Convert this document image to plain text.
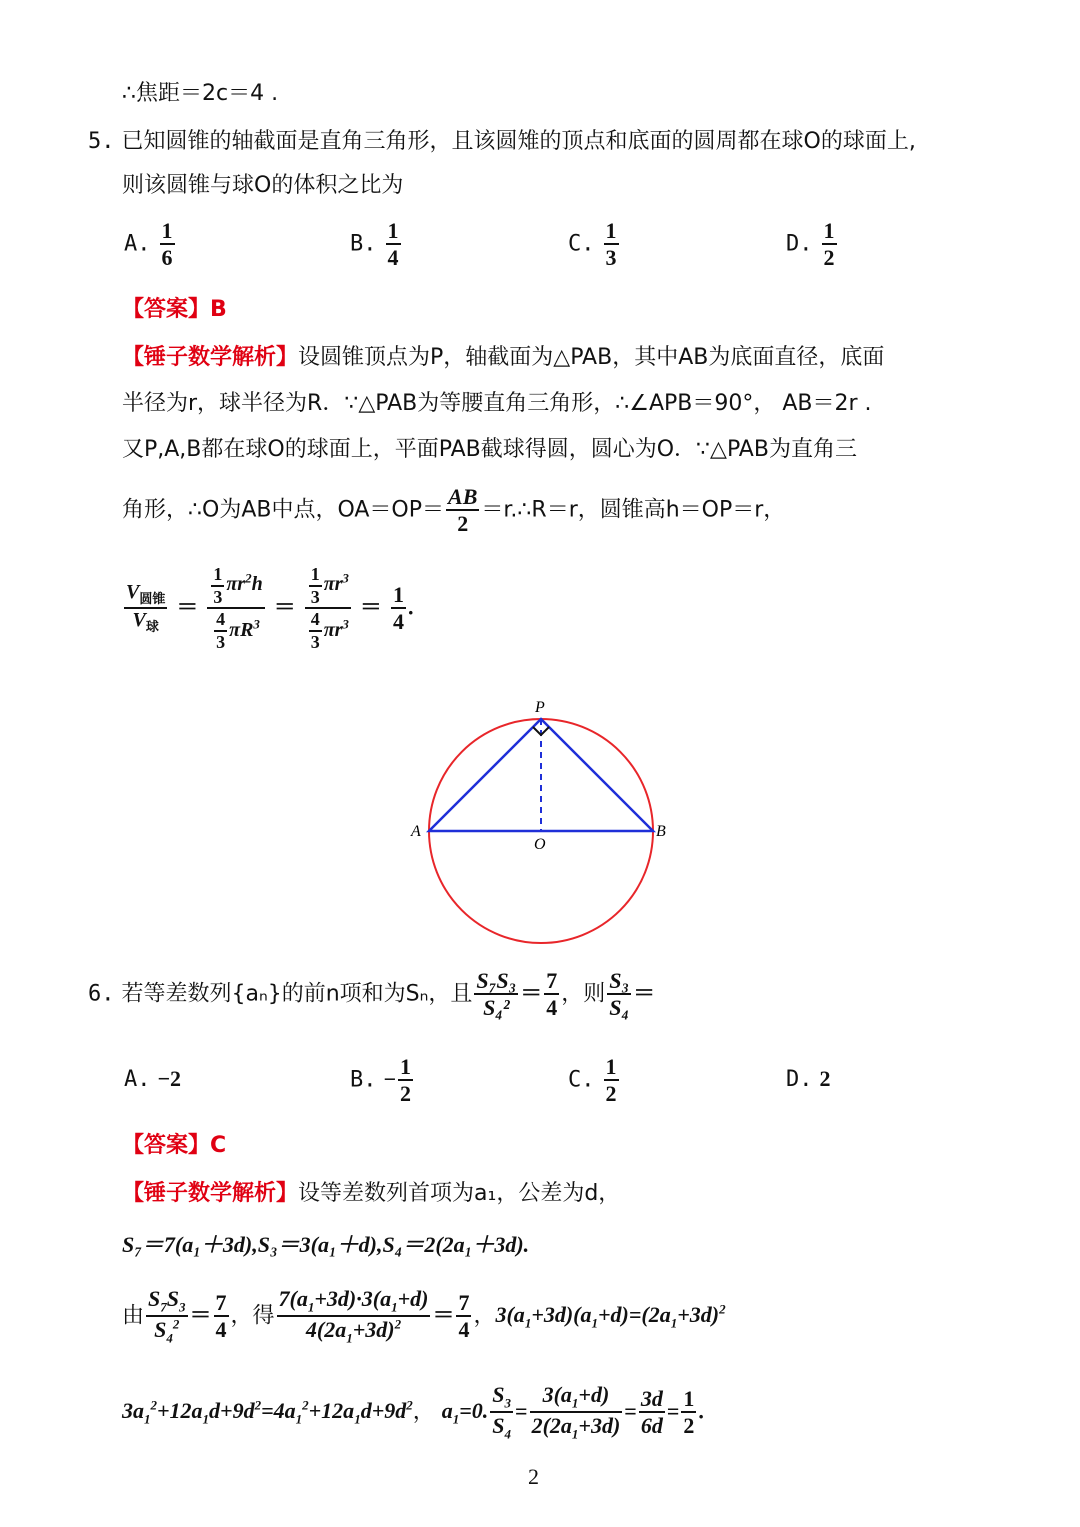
∴焦距＝2c＝4 .
5. 已知圆锥的轴截面是直角三角形，且该圆雉的顶点和底面的圆周都在球O的球面上,
则该圆锥与球O的体积之比为
A. $\frac{1}{6}$	B. $\frac{1}{4}$	C. $\frac{1}{3}$	D. $\frac{1}{2}$
【答案】B
【锤子数学解析】设圆锥顶点为P，轴截面为△PAB，其中AB为底面直径，底面
半径为r，球半径为R．∵△PAB为等腰直角三角形，∴∠APB＝90°， AB＝2r .
又P,A,B都在球O的球面上，平面PAB截球得圆，圆心为O．∵△PAB为直角三
角形，∴O为AB中点，$OA=OP= \frac{AB}{2}$ ＝r.∴R＝r，圆锥高h＝OP＝r，
$\frac{V_{圆锥}}{V_球} = \frac{\frac{1}{3} \pi r^2h}{\frac{4}{3} \pi R^3} = \frac{\frac{1}{3} \pi r^3}{\frac{4}{3} \pi r^3} = \frac{1}{4}$ .
P
A	B
O
6. 若等差数列{aₙ}的前n项和为Sₙ，且 $\frac{\text{S₇S₃}}{\text{S₄²}} = \frac{7}{4}$ ，则 $\frac{\text{S₃}}{\text{S₄}}$ ＝
A. −2	B. − $\frac{1}{2}$	C. $\frac{1}{2}$	D. 2
【答案】C
【锤子数学解析】设等差数列首项为a₁，公差为d，
S₇＝7(a₁＋3d),S₃＝3(a₁＋d),S₄＝2(2a₁＋3d).
由 $\frac{S_7S_3}{S_4^2} = \frac{7}{4}$ ，得 $\frac{7(a_1+3d)\cdot 3(a_1+d)}{4(2a_1+3d)^2} = \frac{7}{4}$ ，$3(a_1+3d)(a_1+d)=(2a_1+3d)^2$
$3a_1^2+12a_1d+9d^2=4a_1^2+12a_1d+9d^2$， $a_1=0$. $\frac{S_3}{S_4} = \frac{3(a_1+d)}{2(2a_1+3d)} = \frac{3d}{6d} = \frac{1}{2}$ .
2
